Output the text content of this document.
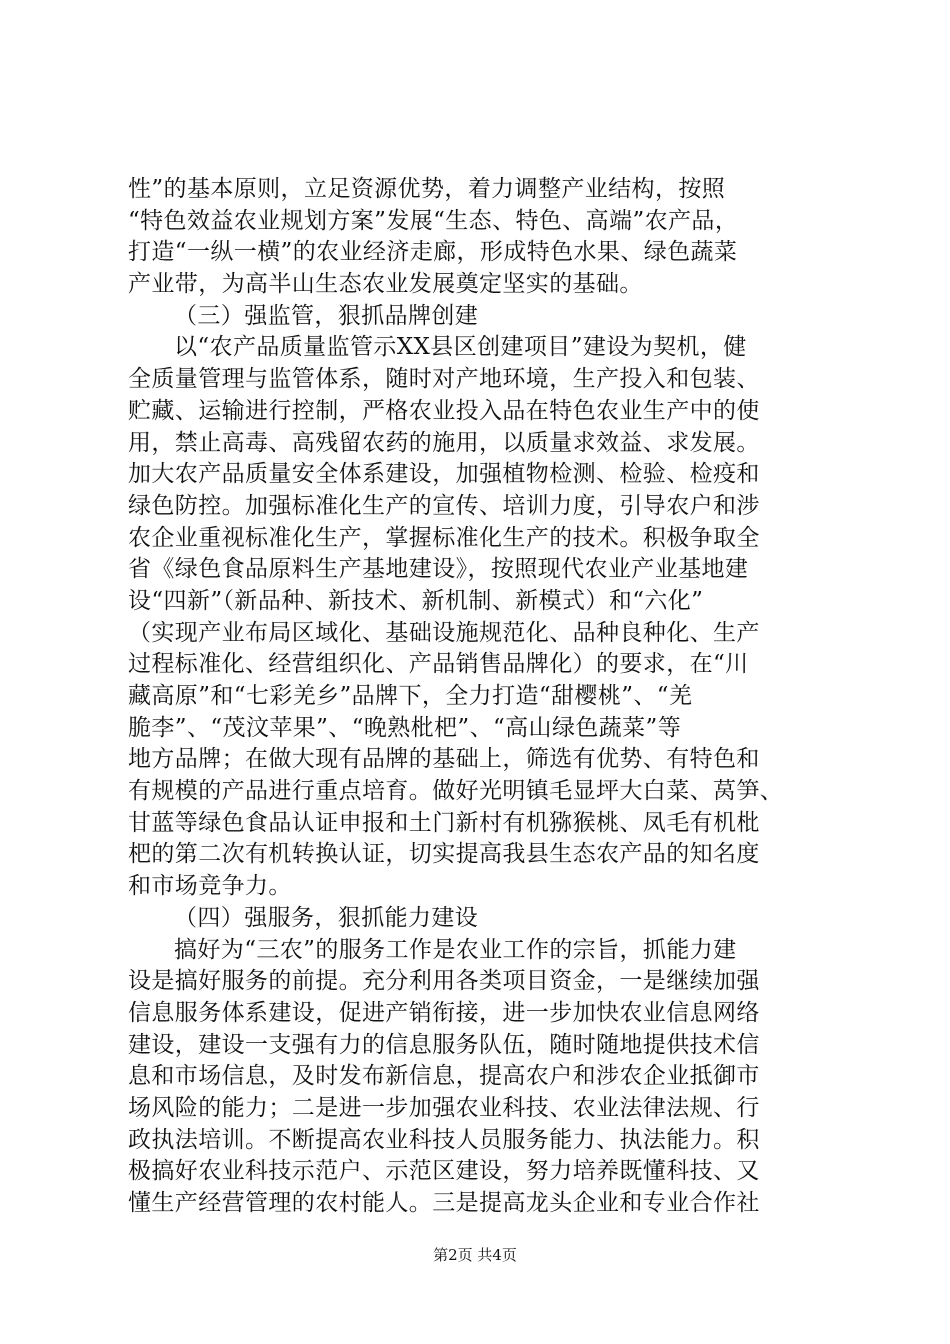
性”的基本原则，立足资源优势，着力调整产业结构，按照
“特色效益农业规划方案”发展“生态、特色、高端”农产品，
打造“一纵一横”的农业经济走廊，形成特色水果、绿色蔬菜
产业带，为高半山生态农业发展奠定坚实的基础。
（三）强监管，狠抓品牌创建
以“农产品质量监管示XX县区创建项目”建设为契机，健
全质量管理与监管体系，随时对产地环境，生产投入和包装、
贮藏、运输进行控制，严格农业投入品在特色农业生产中的使
用，禁止高毒、高残留农药的施用，以质量求效益、求发展。
加大农产品质量安全体系建设，加强植物检测、检验、检疫和
绿色防控。加强标准化生产的宣传、培训力度，引导农户和涉
农企业重视标准化生产，掌握标准化生产的技术。积极争取全
省《绿色食品原料生产基地建设》，按照现代农业产业基地建
设“四新”（新品种、新技术、新机制、新模式）和“六化”
（实现产业布局区域化、基础设施规范化、品种良种化、生产
过程标准化、经营组织化、产品销售品牌化）的要求，在“川
藏高原”和“七彩羌乡”品牌下，全力打造“甜樱桃”、“羌
脆李”、“茂汶苹果”、“晚熟枇杷”、“高山绿色蔬菜”等
地方品牌；在做大现有品牌的基础上，筛选有优势、有特色和
有规模的产品进行重点培育。做好光明镇毛显坪大白菜、莴笋、
甘蓝等绿色食品认证申报和土门新村有机猕猴桃、凤毛有机枇
杷的第二次有机转换认证，切实提高我县生态农产品的知名度
和市场竞争力。
（四）强服务，狠抓能力建设
搞好为“三农”的服务工作是农业工作的宗旨，抓能力建
设是搞好服务的前提。充分利用各类项目资金，一是继续加强
信息服务体系建设，促进产销衔接，进一步加快农业信息网络
建设，建设一支强有力的信息服务队伍，随时随地提供技术信
息和市场信息，及时发布新信息，提高农户和涉农企业抵御市
场风险的能力；二是进一步加强农业科技、农业法律法规、行
政执法培训。不断提高农业科技人员服务能力、执法能力。积
极搞好农业科技示范户、示范区建设，努力培养既懂科技、又
懂生产经营管理的农村能人。三是提高龙头企业和专业合作社
第2页 共4页
